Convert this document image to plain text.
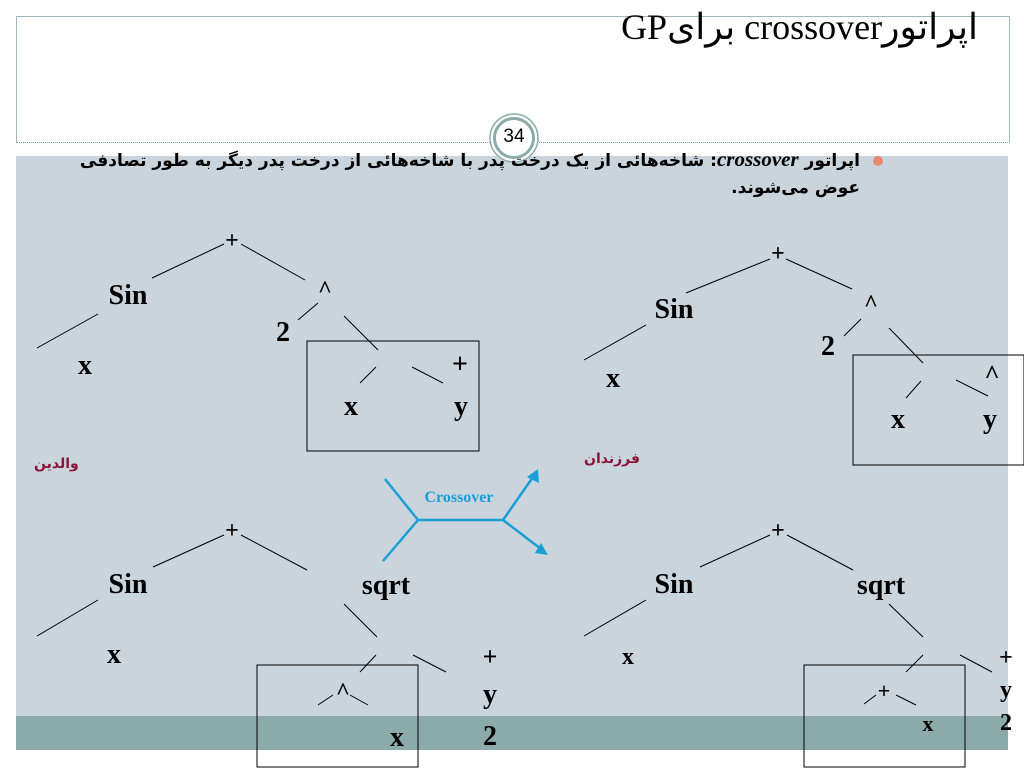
اپراتورcrossover برایGP
34
اپراتور crossover: شاخه‌هائی از یک درخت پدر با شاخه‌هائی از درخت پدر دیگر به طور تصادفی عوض می‌شوند.
Crossover
+
Sin	^
2
x	+
x	y
+
Sin	^
2
x	^
x	y
+
Sin	sqrt
x	+
^	y
x	2
+
Sin	sqrt
x	+
+	y
x	2
والدین	فرزندان
